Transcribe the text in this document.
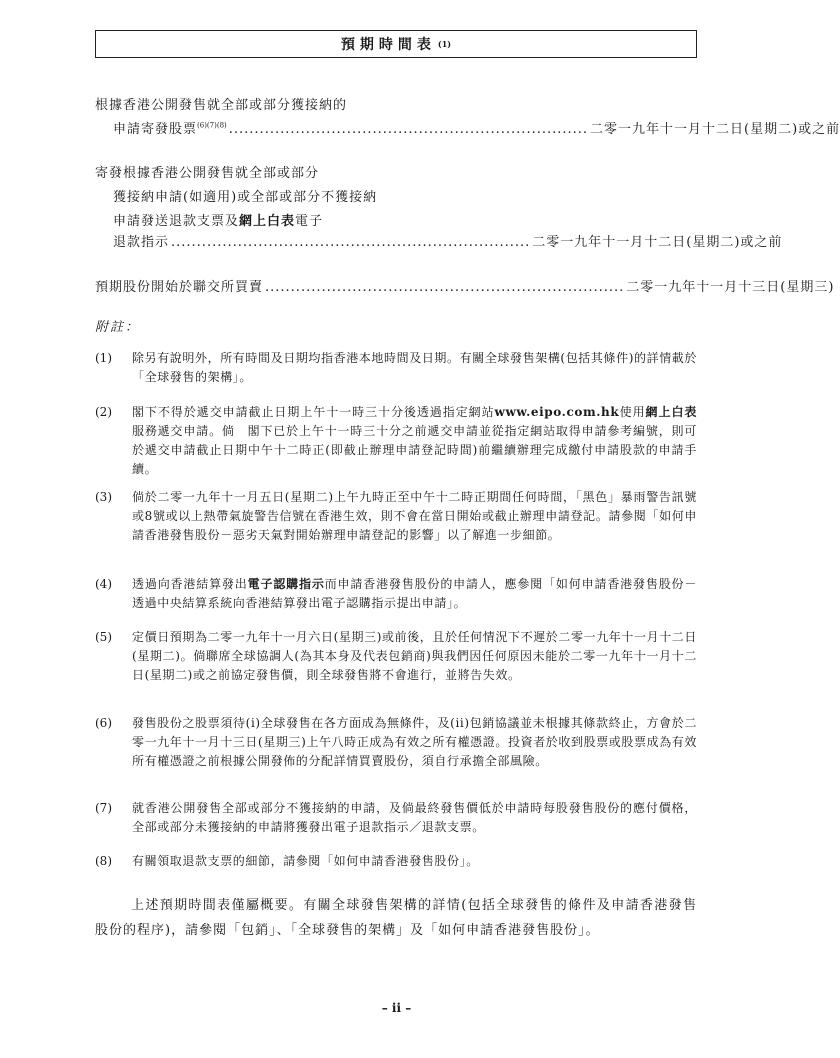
預期時間表 (1)
根據香港公開發售就全部或部分獲接納的
申請寄發股票$^{(6)(7)(8)}$ ...................................................................... 二零一九年十一月十二日(星期二)或之前
寄發根據香港公開發售就全部或部分
獲接納申請(如適用)或全部或部分不獲接納
申請發送退款支票及網上白表電子
退款指示 ...................................................................... 二零一九年十一月十二日(星期二)或之前
預期股份開始於聯交所買賣 ...................................................................... 二零一九年十一月十三日(星期三)
附註：
(1)	除另有說明外，所有時間及日期均指香港本地時間及日期。有關全球發售架構(包括其條件)的詳情載於「全球發售的架構」。
(2)	閣下不得於遞交申請截止日期上午十一時三十分後透過指定網站www.eipo.com.hk使用網上白表服務遞交申請。倘　閣下已於上午十一時三十分之前遞交申請並從指定網站取得申請參考編號，則可於遞交申請截止日期中午十二時正(即截止辦理申請登記時間)前繼續辦理完成繳付申請股款的申請手續。
(3)	倘於二零一九年十一月五日(星期二)上午九時正至中午十二時正期間任何時間，「黑色」暴雨警告訊號或8號或以上熱帶氣旋警告信號在香港生效，則不會在當日開始或截止辦理申請登記。請參閱「如何申請香港發售股份－惡劣天氣對開始辦理申請登記的影響」以了解進一步細節。
(4)	透過向香港結算發出電子認購指示而申請香港發售股份的申請人，應參閱「如何申請香港發售股份－透過中央結算系統向香港結算發出電子認購指示提出申請」。
(5)	定價日預期為二零一九年十一月六日(星期三)或前後，且於任何情況下不遲於二零一九年十一月十二日(星期二)。倘聯席全球協調人(為其本身及代表包銷商)與我們因任何原因未能於二零一九年十一月十二日(星期二)或之前協定發售價，則全球發售將不會進行，並將告失效。
(6)	發售股份之股票須待(i)全球發售在各方面成為無條件，及(ii)包銷協議並未根據其條款終止，方會於二零一九年十一月十三日(星期三)上午八時正成為有效之所有權憑證。投資者於收到股票或股票成為有效所有權憑證之前根據公開發佈的分配詳情買賣股份，須自行承擔全部風險。
(7)	就香港公開發售全部或部分不獲接納的申請，及倘最終發售價低於申請時每股發售股份的應付價格，全部或部分未獲接納的申請將獲發出電子退款指示／退款支票。
(8)	有關領取退款支票的細節，請參閱「如何申請香港發售股份」。
上述預期時間表僅屬概要。有關全球發售架構的詳情(包括全球發售的條件及申請香港發售股份的程序)，請參閱「包銷」、「全球發售的架構」及「如何申請香港發售股份」。
– ii –
